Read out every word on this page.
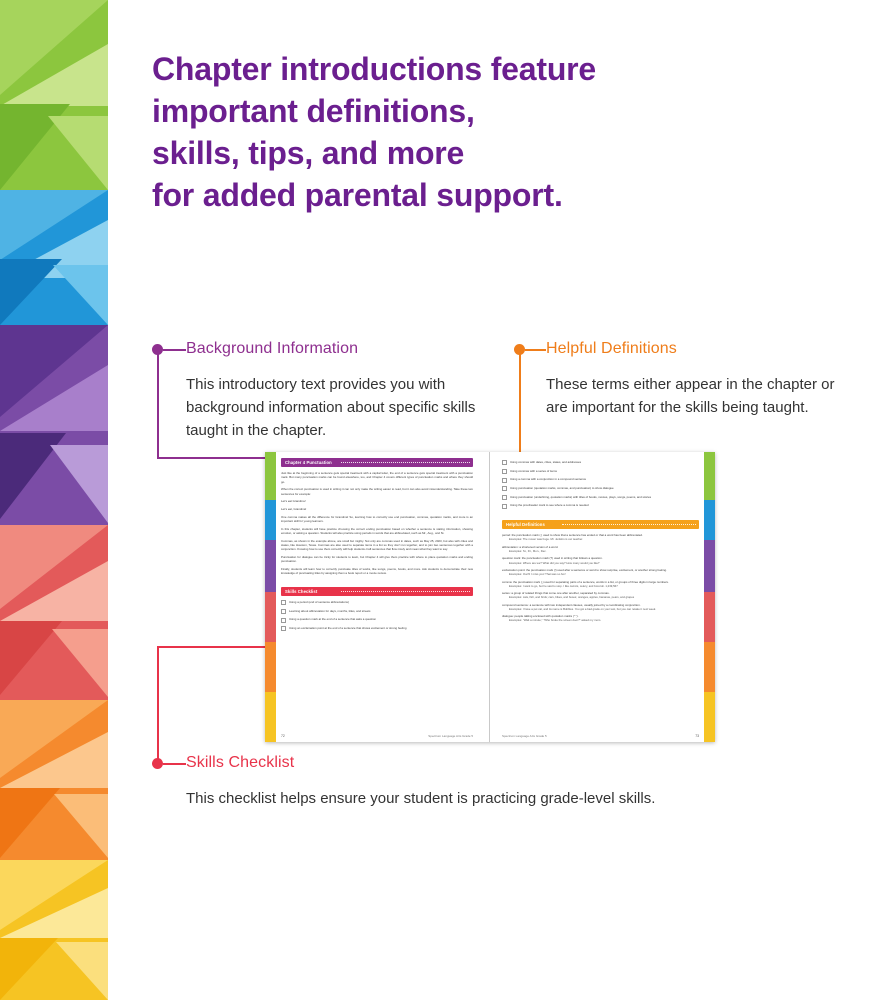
Chapter introductions feature
important definitions,
skills, tips, and more
for added parental support.

Background Information

This introductory text provides you with background information about specific skills taught in the chapter.

Helpful Definitions

These terms either appear in the chapter or are important for the skills being taught.

Skills Checklist

This checklist helps ensure your student is practicing grade-level skills.

Chapter 4 Punctuation

Just like at the beginning of a sentence gets special treatment with a capital letter, the end of a sentence gets special treatment with a punctuation mark. But many punctuation marks can be found elsewhere, too, and Chapter 4 covers different types of punctuation marks and where they should go.

When the correct punctuation is used in writing it can not only make the writing easier to read, but it can also avoid misunderstanding. Take these two sentences for example:

Let's eat Grandma!

Let's eat, Grandma!

One comma makes all the difference for Grandma! So, learning how to correctly use end punctuation, commas, quotation marks, and more is an important skill for young learners.

In this chapter, students will have practice choosing the correct ending punctuation based on whether a sentence is stating information, showing emotion, or asking a question. Students will also practice using periods in words that are abbreviated, such as Mr., Aug., and St.

Commas, as shown in the example above, are small but mighty. Not only are commas used in dates, such as May 25, 2023, but also with cities and states, like Houston, Texas. Commas are also used to separate items in a list so they don't run together, and to join two sentences together with a conjunction. Knowing how to use them correctly will help students craft sentences that flow nicely and mean what they want to say.

Punctuation for dialogue can be tricky for students to learn, but Chapter 4 will give them practice with where to place quotation marks and ending punctuation.

Finally, students will learn how to correctly punctuate titles of works, like songs, poems, books, and more. Ask students to demonstrate their new knowledge of punctuating titles by assigning them a book report or a movie review.

Skills Checklist
Using a period (end of sentence abbreviations)
Learning about abbreviation for days, months, titles, and streets
Using a question mark at the end of a sentence that asks a question
Using an exclamation point at the end of a sentence that shows excitement or strong feeling
72	Spectrum Language Arts Grade 5
Using commas with dates, cities, states, and addresses
Using commas with a series of items
Using a comma with a conjunction in a compound sentence
Using punctuation (quotation marks, commas, and punctuation) to show dialogue
Using punctuation (underlining, quotation marks) with titles of books, movies, plays, songs, poems, and stories
Using the proofreader mark to see where a comma is needed
Helpful Definitions
period: the punctuation mark (.) used to show that a sentence has ended or that a word has been abbreviated.
Examples: The mover was huge. Mr. Jenkins is our teacher.
abbreviation: a shortened version of a word.
Examples: St., Dr., Mon., Dec.
question mark: the punctuation mark (?) used in writing that follows a question.
Examples: Where are we? What did you say? How many would you like?
exclamation point: the punctuation mark (!) used after a sentence or word to show surprise, excitement, or another strong feeling.
Examples: Ouch! I miss you! That was so fun!
comma: the punctuation mark (,) used for separating parts of a sentence, words in a list, or groups of three digits in large numbers.
Examples: I want to go, but he said to stop. I like carrots, celery, and broccoli. 1,239,567
series: a group of related things that come one after another, separated by commas.
Examples: cats, fish, and birds; cars, bikes, and buses; oranges, apples, bananas, pears, and grapes
compound sentence: a sentence with two independent clauses, usually joined by a coordinating conjunction.
Examples: I have a pet cat, and its name is Bubbles. You got a bad grade on your test, but you can retake it next week.
dialogue: people talking enclosed with quotation marks (" ").
Examples: "Wait a minute," "Who broke the screen door?" asked my mom.
Spectrum Language Arts Grade 5	73
